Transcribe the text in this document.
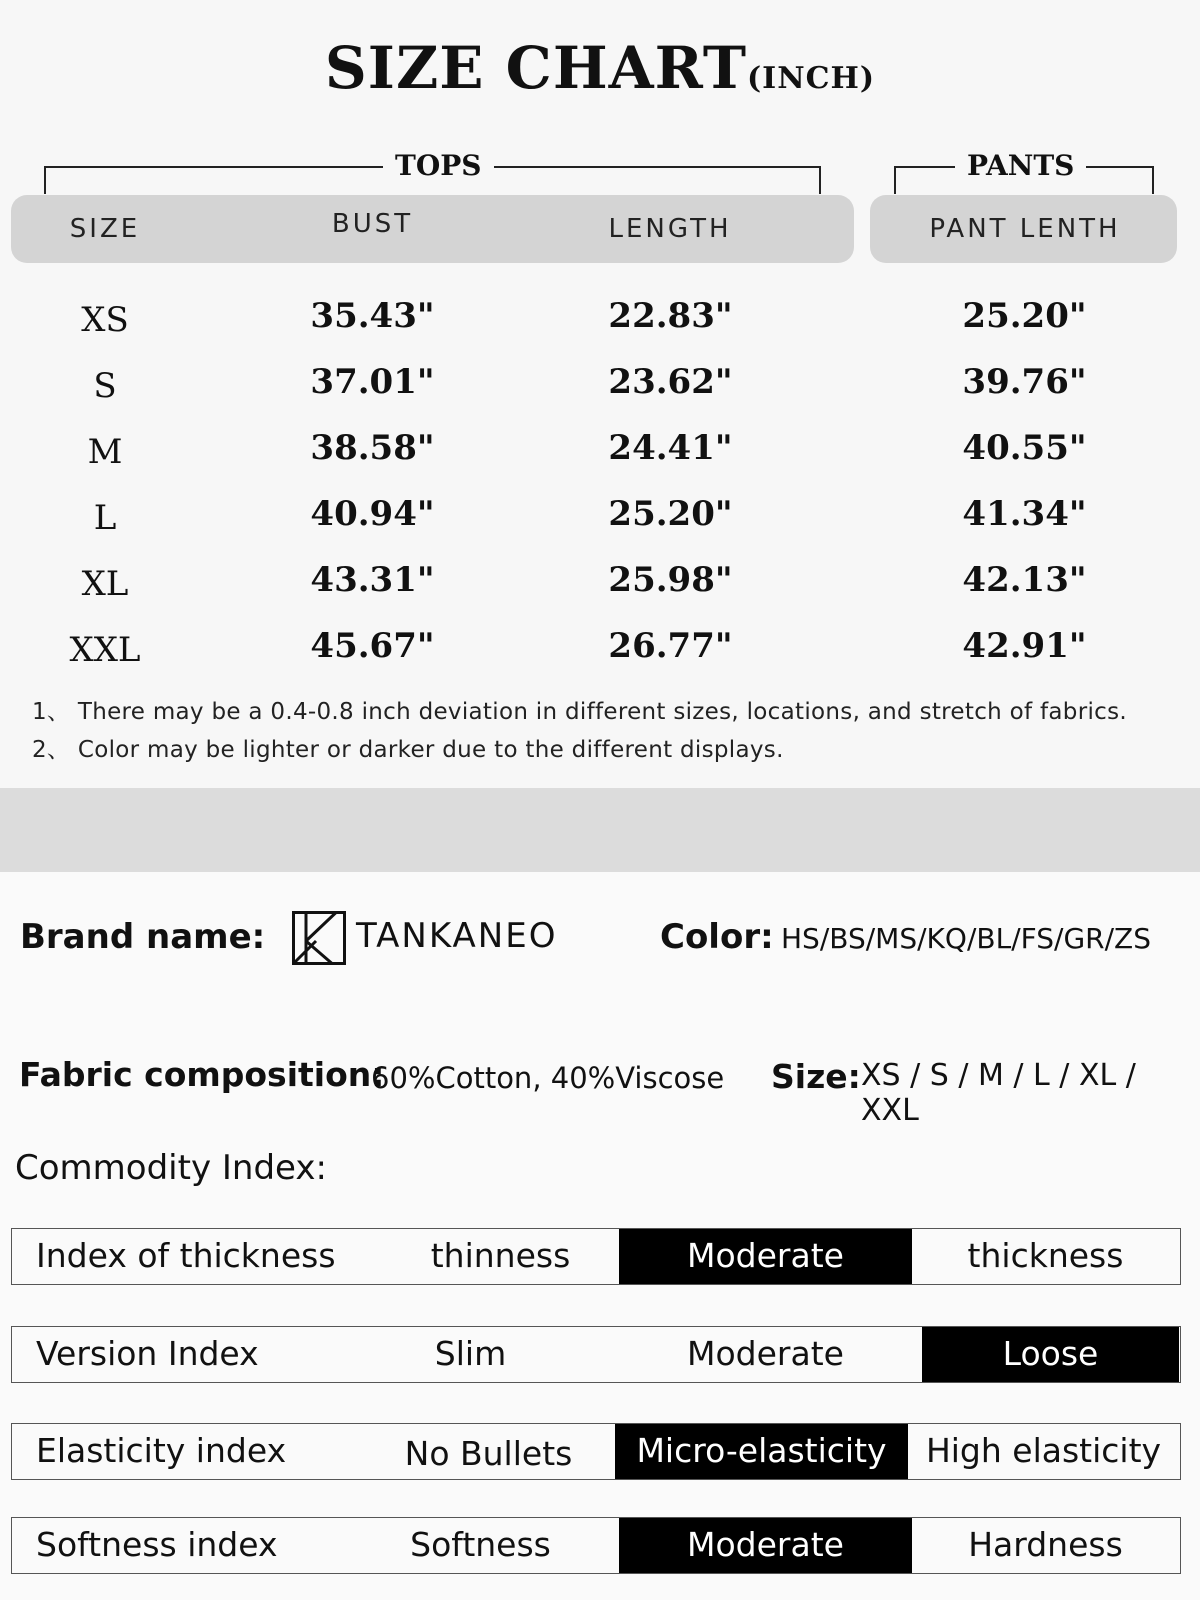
SIZE CHART(INCH)
TOPS	PANTS
SIZE	BUST	LENGTH	PANT LENTH
XS	35.43"	22.83"	25.20"
S	37.01"	23.62"	39.76"
M	38.58"	24.41"	40.55"
L	40.94"	25.20"	41.34"
XL	43.31"	25.98"	42.13"
XXL	45.67"	26.77"	42.91"
1、 There may be a 0.4-0.8 inch deviation in different sizes, locations, and stretch of fabrics.
2、 Color may be lighter or darker due to the different displays.
Brand name:	TANKANEO	Color: HS/BS/MS/KQ/BL/FS/GR/ZS
Fabric composition:
60%Cotton, 40%Viscose Size: XS / S / M / L / XL / XXL
Commodity Index:
Index of thickness	thinness	Moderate	thickness
Version Index	Slim	Moderate	Loose
Elasticity index	No Bullets	Micro-elasticity	High elasticity
Softness index	Softness	Moderate	Hardness
